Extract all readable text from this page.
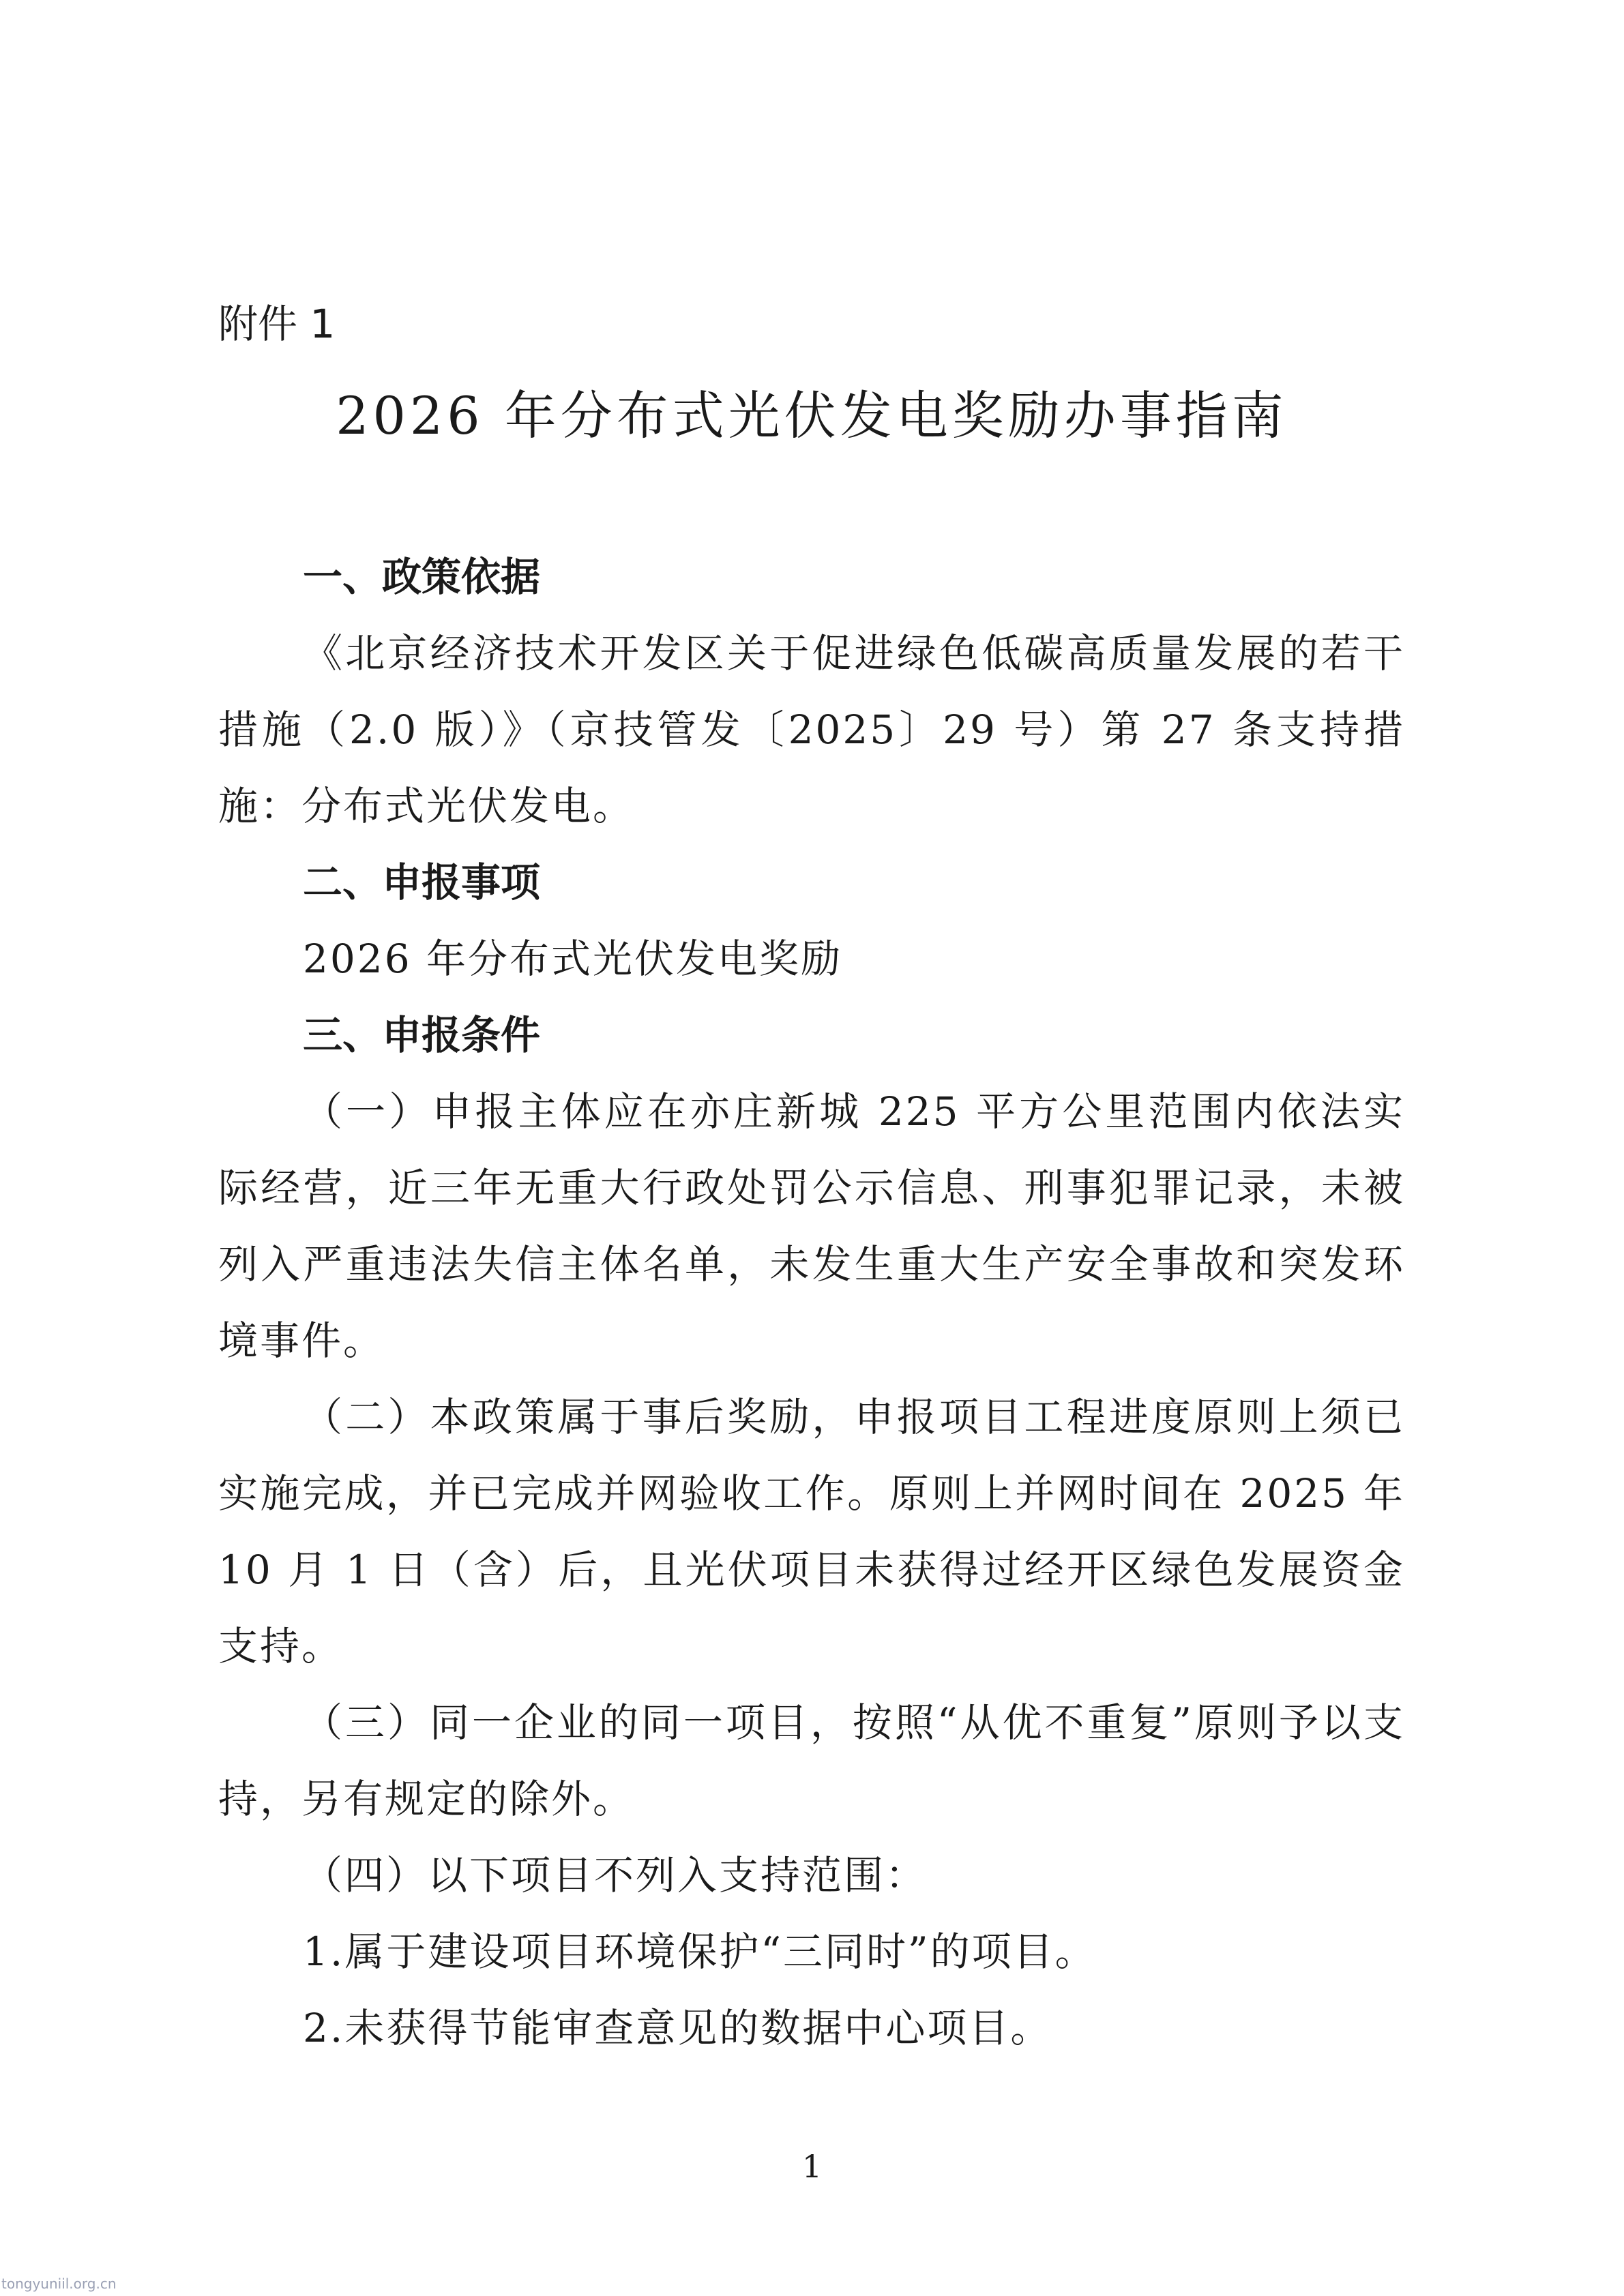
附件 1

2026 年分布式光伏发电奖励办事指南

一、政策依据

《北京经济技术开发区关于促进绿色低碳高质量发展的若干措施（2.0 版）》（京技管发〔2025〕29 号）第 27 条支持措施：分布式光伏发电。

二、申报事项

2026 年分布式光伏发电奖励

三、申报条件

（一）申报主体应在亦庄新城 225 平方公里范围内依法实际经营，近三年无重大行政处罚公示信息、刑事犯罪记录，未被列入严重违法失信主体名单，未发生重大生产安全事故和突发环境事件。

（二）本政策属于事后奖励，申报项目工程进度原则上须已实施完成，并已完成并网验收工作。原则上并网时间在 2025 年 10 月 1 日（含）后，且光伏项目未获得过经开区绿色发展资金支持。

（三）同一企业的同一项目，按照“从优不重复”原则予以支持，另有规定的除外。

（四）以下项目不列入支持范围：

1.属于建设项目环境保护“三同时”的项目。

2.未获得节能审查意见的数据中心项目。

1
tongyuniil.org.cn
